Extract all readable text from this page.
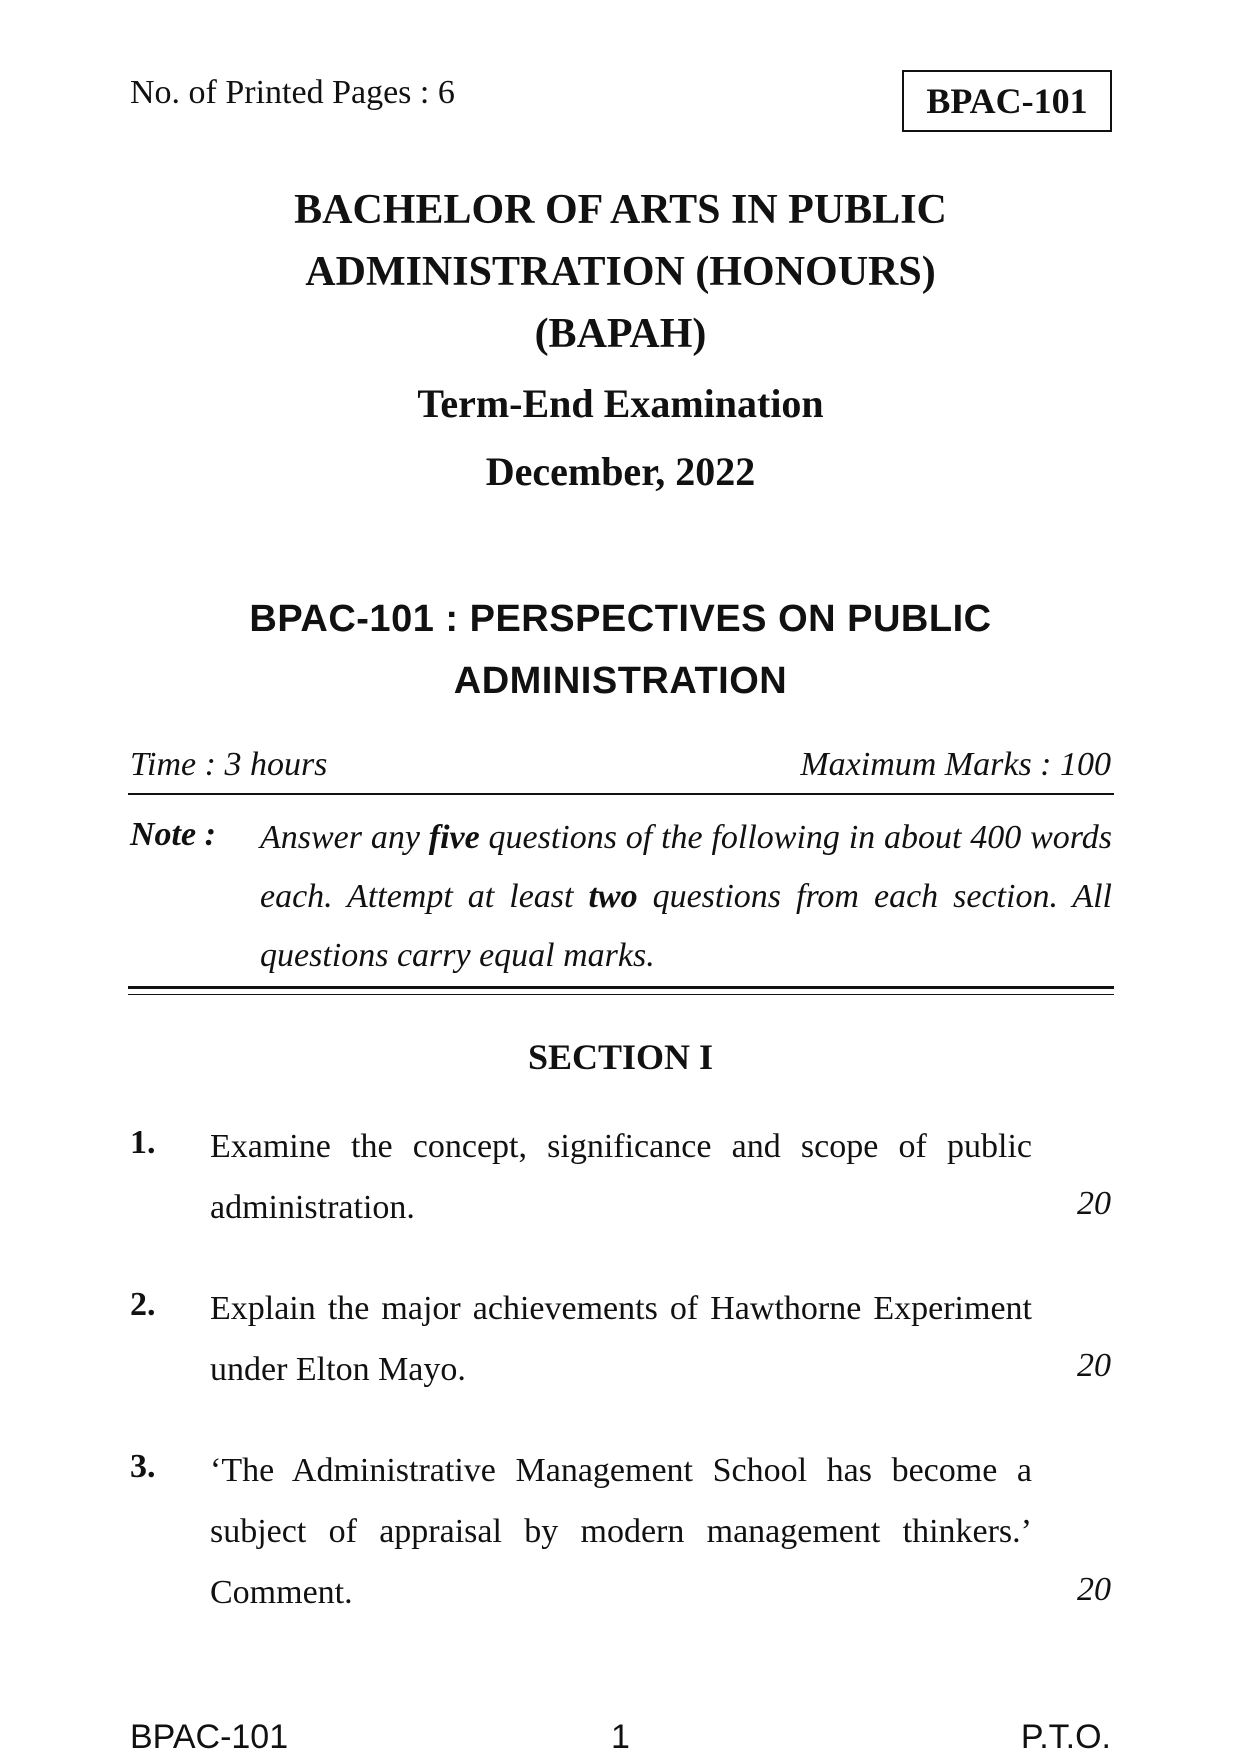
No. of Printed Pages : 6	BPAC-101
BACHELOR OF ARTS IN PUBLIC
ADMINISTRATION (HONOURS)
(BAPAH)
Term-End Examination
December, 2022
BPAC-101 : PERSPECTIVES ON PUBLIC
ADMINISTRATION
Time : 3 hours	Maximum Marks : 100
Note : Answer any five questions of the following in about 400 words each. Attempt at least two questions from each section. All questions carry equal marks.
SECTION I
1. Examine the concept, significance and scope of public administration.	20
2. Explain the major achievements of Hawthorne Experiment under Elton Mayo.	20
3. ‘The Administrative Management School has become a subject of appraisal by modern management thinkers.’ Comment.	20
BPAC-101	1	P.T.O.
